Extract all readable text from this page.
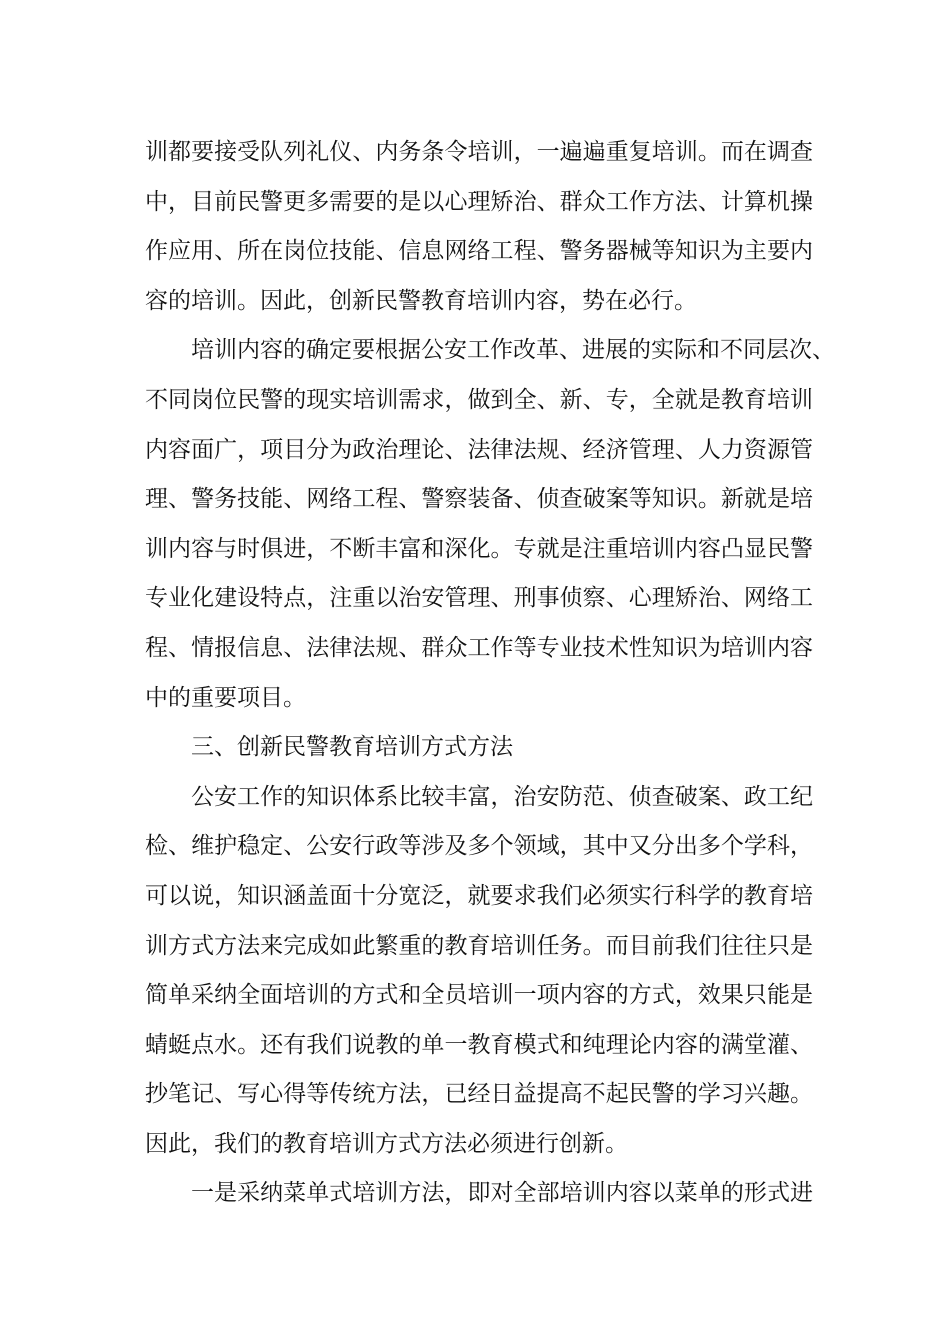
训都要接受队列礼仪、内务条令培训，一遍遍重复培训。而在调查
中，目前民警更多需要的是以心理矫治、群众工作方法、计算机操
作应用、所在岗位技能、信息网络工程、警务器械等知识为主要内
容的培训。因此，创新民警教育培训内容，势在必行。
培训内容的确定要根据公安工作改革、进展的实际和不同层次、
不同岗位民警的现实培训需求，做到全、新、专，全就是教育培训
内容面广，项目分为政治理论、法律法规、经济管理、人力资源管
理、警务技能、网络工程、警察装备、侦查破案等知识。新就是培
训内容与时俱进，不断丰富和深化。专就是注重培训内容凸显民警
专业化建设特点，注重以治安管理、刑事侦察、心理矫治、网络工
程、情报信息、法律法规、群众工作等专业技术性知识为培训内容
中的重要项目。
三、创新民警教育培训方式方法
公安工作的知识体系比较丰富，治安防范、侦查破案、政工纪
检、维护稳定、公安行政等涉及多个领域，其中又分出多个学科，
可以说，知识涵盖面十分宽泛，就要求我们必须实行科学的教育培
训方式方法来完成如此繁重的教育培训任务。而目前我们往往只是
简单采纳全面培训的方式和全员培训一项内容的方式，效果只能是
蜻蜓点水。还有我们说教的单一教育模式和纯理论内容的满堂灌、
抄笔记、写心得等传统方法，已经日益提高不起民警的学习兴趣。
因此，我们的教育培训方式方法必须进行创新。
一是采纳菜单式培训方法，即对全部培训内容以菜单的形式进
